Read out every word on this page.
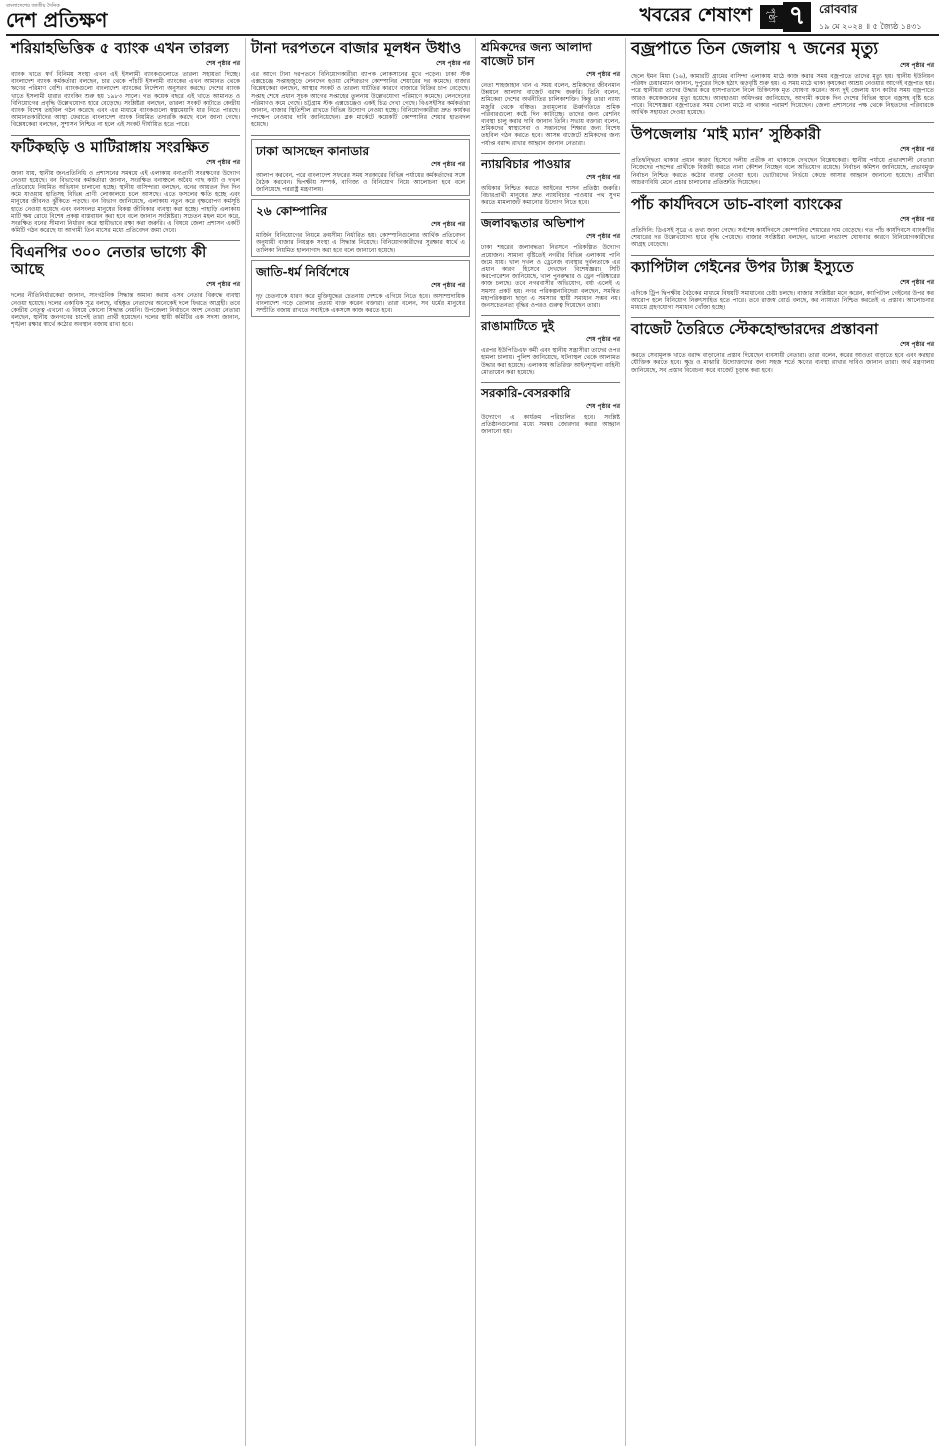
বাংলাদেশের জাতীয় দৈনিক
দেশ প্রতিক্ষণ	খবরের শেষাংশ	পৃষ্ঠা ৭	রোববার
১৯ মে ২০২৪ ॥ ৫ জ্যৈষ্ঠ ১৪৩১
শরিয়াহভিত্তিক ৫ ব্যাংক এখন তারল্য
শেষ পৃষ্ঠার পর

ব্যাংক খাতে স্বর্ণ বিনিময় সংস্থা এখন এই ইসলামী ব্যাংকগুলোতে তারল্য সহায়তা দিচ্ছে। বাংলাদেশ ব্যাংক কর্মকর্তারা বলছেন, চার থেকে পাঁচটি ইসলামী ব্যাংকের এখন আমানত থেকে ঋণের পরিমাণ বেশি। ব্যাংকগুলো বাংলাদেশ ব্যাংকের নির্দেশনা অনুসরণ করছে। দেশের ব্যাংক খাতে ইসলামী ধারার ব্যাংকিং শুরু হয় ১৯৮৩ সালে। গত কয়েক বছরে এই খাতে আমানত ও বিনিয়োগের প্রবৃদ্ধি উল্লেখযোগ্য হারে বেড়েছে। সংশ্লিষ্টরা বলছেন, তারল্য সংকট কাটাতে কেন্দ্রীয় ব্যাংক বিশেষ তহবিল গঠন করেছে এবং এর মাধ্যমে ব্যাংকগুলো স্বল্পমেয়াদি ধার নিতে পারছে। আমানতকারীদের আস্থা ফেরাতে বাংলাদেশ ব্যাংক নিয়মিত তদারকি করছে বলে জানা গেছে। বিশ্লেষকেরা বলছেন, সুশাসন নিশ্চিত না হলে এই সংকট দীর্ঘায়িত হতে পারে।

ফটিকছড়ি ও মাটিরাঙ্গায় সংরক্ষিত
শেষ পৃষ্ঠার পর

জানা যায়, স্থানীয় জনপ্রতিনিধি ও প্রশাসনের সমন্বয়ে এই এলাকায় বন্যপ্রাণী সংরক্ষণের উদ্যোগ নেওয়া হয়েছে। বন বিভাগের কর্মকর্তারা জানান, সংরক্ষিত বনাঞ্চলে অবৈধ গাছ কাটা ও দখল প্রতিরোধে নিয়মিত অভিযান চালানো হচ্ছে। স্থানীয় বাসিন্দারা বলছেন, বনের আয়তন দিন দিন কমে যাওয়ায় হাতিসহ বিভিন্ন প্রাণী লোকালয়ে চলে আসছে। এতে ফসলের ক্ষতি হচ্ছে এবং মানুষের জীবনও ঝুঁকিতে পড়ছে। বন বিভাগ জানিয়েছে, এলাকায় নতুন করে বৃক্ষরোপণ কর্মসূচি হাতে নেওয়া হয়েছে এবং বনসংলগ্ন মানুষের বিকল্প জীবিকার ব্যবস্থা করা হচ্ছে। পাহাড়ি এলাকায় মাটি ক্ষয় রোধে বিশেষ প্রকল্প বাস্তবায়ন করা হবে বলে জানান সংশ্লিষ্টরা। সচেতন মহল মনে করে, সংরক্ষিত বনের সীমানা নির্ধারণ করে স্থায়ীভাবে রক্ষা করা জরুরি। এ বিষয়ে জেলা প্রশাসন একটি কমিটি গঠন করেছে যা আগামী তিন মাসের মধ্যে প্রতিবেদন জমা দেবে।

বিএনপির ৩০০ নেতার ভাগ্যে কী আছে
শেষ পৃষ্ঠার পর

দলের নীতিনির্ধারকেরা জানান, সাংগঠনিক সিদ্ধান্ত অমান্য করায় এসব নেতার বিরুদ্ধে ব্যবস্থা নেওয়া হয়েছে। দলের একাধিক সূত্র বলছে, বহিষ্কৃত নেতাদের অনেকেই দলে ফিরতে আগ্রহী। তবে কেন্দ্রীয় নেতৃত্ব এখনো এ বিষয়ে কোনো সিদ্ধান্ত নেয়নি। উপজেলা নির্বাচনে অংশ নেওয়া নেতারা বলছেন, স্থানীয় জনগণের চাপেই তারা প্রার্থী হয়েছেন। দলের স্থায়ী কমিটির এক সদস্য জানান, শৃঙ্খলা রক্ষার স্বার্থে কঠোর অবস্থান বজায় রাখা হবে।

টানা দরপতনে বাজার মূলধন উধাও
শেষ পৃষ্ঠার পর

এর আগে টানা দরপতনে বিনিয়োগকারীরা ব্যাপক লোকসানের মুখে পড়েন। ঢাকা স্টক এক্সচেঞ্জে সপ্তাহজুড়ে লেনদেন হওয়া বেশিরভাগ কোম্পানির শেয়ারের দর কমেছে। বাজার বিশ্লেষকেরা বলছেন, আস্থার সংকট ও তারল্য ঘাটতির কারণে বাজারে বিক্রির চাপ বেড়েছে। সপ্তাহ শেষে প্রধান সূচক আগের সপ্তাহের তুলনায় উল্লেখযোগ্য পরিমাণে কমেছে। লেনদেনের পরিমাণও কমে গেছে। চট্টগ্রাম স্টক এক্সচেঞ্জেও একই চিত্র দেখা গেছে। বিএসইসির কর্মকর্তারা জানান, বাজার স্থিতিশীল রাখতে বিভিন্ন উদ্যোগ নেওয়া হচ্ছে। বিনিয়োগকারীরা দ্রুত কার্যকর পদক্ষেপ নেওয়ার দাবি জানিয়েছেন। ব্লক মার্কেটে কয়েকটি কোম্পানির শেয়ার হাতবদল হয়েছে।

ঢাকা আসছেন কানাডার
শেষ পৃষ্ঠার পর

আলাপ করবেন, পরে বাংলাদেশ সফরের সময় সরকারের বিভিন্ন পর্যায়ের কর্মকর্তাদের সঙ্গে বৈঠক করবেন। দ্বিপক্ষীয় সম্পর্ক, বাণিজ্য ও বিনিয়োগ নিয়ে আলোচনা হবে বলে জানিয়েছে পররাষ্ট্র মন্ত্রণালয়।

২৬ কোম্পানির
শেষ পৃষ্ঠার পর

মার্জিন বিনিয়োগের নিয়মে ক্রয়সীমা নির্ধারিত হয়। কোম্পানিগুলোর আর্থিক প্রতিবেদন অনুযায়ী বাজার নিয়ন্ত্রক সংস্থা এ সিদ্ধান্ত নিয়েছে। বিনিয়োগকারীদের সুরক্ষার স্বার্থে এ তালিকা নিয়মিত হালনাগাদ করা হবে বলে জানানো হয়েছে।

জাতি-ধর্ম নির্বিশেষে
শেষ পৃষ্ঠার পর

দৃঢ় চেতনাকে ধারণ করে মুক্তিযুদ্ধের চেতনায় দেশকে এগিয়ে নিতে হবে। অসাম্প্রদায়িক বাংলাদেশ গড়ে তোলার প্রত্যয় ব্যক্ত করেন বক্তারা। তারা বলেন, সব ধর্মের মানুষের সম্প্রীতি বজায় রাখতে সবাইকে একসঙ্গে কাজ করতে হবে।

শ্রমিকদের জন্য আলাদা বাজেট চান
শেষ পৃষ্ঠার পর

নেতা শাহজাহান খান এ সময় বলেন, শ্রমিকদের জীবনমান উন্নয়নে আলাদা বাজেট বরাদ্দ জরুরি। তিনি বলেন, শ্রমিকেরা দেশের অর্থনীতির চালিকাশক্তি। কিন্তু তারা ন্যায্য মজুরি থেকে বঞ্চিত। দ্রব্যমূল্যের ঊর্ধ্বগতিতে শ্রমিক পরিবারগুলো কষ্টে দিন কাটাচ্ছে। তাদের জন্য রেশনিং ব্যবস্থা চালু করার দাবি জানান তিনি। সভায় বক্তারা বলেন, শ্রমিকদের স্বাস্থ্যসেবা ও সন্তানদের শিক্ষার জন্য বিশেষ তহবিল গঠন করতে হবে। আসন্ন বাজেটে শ্রমিকদের জন্য পর্যাপ্ত বরাদ্দ রাখার আহ্বান জানান নেতারা।

ন্যায়বিচার পাওয়ার
শেষ পৃষ্ঠার পর

অধিকার নিশ্চিত করতে আইনের শাসন প্রতিষ্ঠা জরুরি। বিচারপ্রার্থী মানুষের দ্রুত ন্যায়বিচার পাওয়ার পথ সুগম করতে মামলাজট কমানোর উদ্যোগ নিতে হবে।

জলাবদ্ধতার অভিশাপ
শেষ পৃষ্ঠার পর

ঢাকা শহরের জলাবদ্ধতা নিরসনে পরিকল্পিত উদ্যোগ প্রয়োজন। সামান্য বৃষ্টিতেই নগরীর বিভিন্ন এলাকায় পানি জমে যায়। খাল দখল ও ড্রেনেজ ব্যবস্থার দুর্বলতাকে এর প্রধান কারণ হিসেবে দেখছেন বিশেষজ্ঞরা। সিটি করপোরেশন জানিয়েছে, খাল পুনরুদ্ধার ও ড্রেন পরিষ্কারের কাজ চলছে। তবে নগরবাসীর অভিযোগ, বর্ষা এলেই এ সমস্যা প্রকট হয়। নগর পরিকল্পনাবিদেরা বলছেন, সমন্বিত মহাপরিকল্পনা ছাড়া এ সমস্যার স্থায়ী সমাধান সম্ভব নয়। জনসচেতনতা বৃদ্ধির ওপরও গুরুত্ব দিয়েছেন তারা।

রাঙামাটিতে দুই
শেষ পৃষ্ঠার পর

এরপর ইউপিডিএফ কর্মী এবং স্থানীয় সন্ত্রাসীরা তাদের ওপর হামলা চালায়। পুলিশ জানিয়েছে, ঘটনাস্থল থেকে আলামত উদ্ধার করা হয়েছে। এলাকায় অতিরিক্ত আইনশৃঙ্খলা বাহিনী মোতায়েন করা হয়েছে।

সরকারি-বেসরকারি
শেষ পৃষ্ঠার পর

উদ্যোগে এ কার্যক্রম পরিচালিত হবে। সংশ্লিষ্ট প্রতিষ্ঠানগুলোর মধ্যে সমন্বয় জোরদার করার আহ্বান জানানো হয়।

বজ্রপাতে তিন জেলায় ৭ জনের মৃত্যু
শেষ পৃষ্ঠার পর

ছেলে ইমন মিয়া (১৬), কামারটি গ্রামের বাসিন্দা এলাকায় মাঠে কাজ করার সময় বজ্রপাতে তাদের মৃত্যু হয়। স্থানীয় ইউনিয়ন পরিষদ চেয়ারম্যান জানান, দুপুরের দিকে হঠাৎ ঝড়বৃষ্টি শুরু হয়। এ সময় মাঠে থাকা কৃষকেরা আশ্রয় নেওয়ার আগেই বজ্রপাত হয়। পরে স্থানীয়রা তাদের উদ্ধার করে হাসপাতালে নিলে চিকিৎসক মৃত ঘোষণা করেন। অন্য দুই জেলায় ধান কাটার সময় বজ্রপাতে আরও কয়েকজনের মৃত্যু হয়েছে। আবহাওয়া অধিদপ্তর জানিয়েছে, আগামী কয়েক দিন দেশের বিভিন্ন স্থানে বজ্রসহ বৃষ্টি হতে পারে। বিশেষজ্ঞরা বজ্রপাতের সময় খোলা মাঠে না থাকার পরামর্শ দিয়েছেন। জেলা প্রশাসনের পক্ষ থেকে নিহতদের পরিবারকে আর্থিক সহায়তা দেওয়া হয়েছে।

উপজেলায় ‘মাই ম্যান’ সুষ্ঠিকারী
শেষ পৃষ্ঠার পর

প্রতিদ্বন্দ্বিতা থাকার প্রধান কারণ হিসেবে দলীয় প্রতীক না থাকাকে দেখছেন বিশ্লেষকেরা। স্থানীয় পর্যায়ে প্রভাবশালী নেতারা নিজেদের পছন্দের প্রার্থীকে বিজয়ী করতে নানা কৌশল নিচ্ছেন বলে অভিযোগ রয়েছে। নির্বাচন কমিশন জানিয়েছে, প্রভাবমুক্ত নির্বাচন নিশ্চিত করতে কঠোর ব্যবস্থা নেওয়া হবে। ভোটারদের নির্ভয়ে কেন্দ্রে আসার আহ্বান জানানো হয়েছে। প্রার্থীরা আচরণবিধি মেনে প্রচার চালানোর প্রতিশ্রুতি দিয়েছেন।

পাঁচ কার্যদিবসে ডাচ-বাংলা ব্যাংকের
শেষ পৃষ্ঠার পর

প্রতিদিনি: ডিএসই সূত্রে এ তথ্য জানা গেছে। সর্বশেষ কার্যদিবসে কোম্পানির শেয়ারের দাম বেড়েছে। গত পাঁচ কার্যদিবসে ব্যাংকটির শেয়ারের দর উল্লেখযোগ্য হারে বৃদ্ধি পেয়েছে। বাজার সংশ্লিষ্টরা বলছেন, ভালো লভ্যাংশ ঘোষণার কারণে বিনিয়োগকারীদের আগ্রহ বেড়েছে।

ক্যাপিটাল গেইনের উপর ট্যাক্স ইস্যুতে
শেষ পৃষ্ঠার পর

এদিকে ট্রিপ দ্বিপক্ষীয় বৈঠকের মাধ্যমে বিষয়টি সমাধানের চেষ্টা চলছে। বাজার সংশ্লিষ্টরা মনে করেন, ক্যাপিটাল গেইনের উপর কর আরোপ হলে বিনিয়োগ নিরুৎসাহিত হতে পারে। তবে রাজস্ব বোর্ড বলছে, কর ন্যায্যতা নিশ্চিত করতেই এ প্রস্তাব। আলোচনার মাধ্যমে গ্রহণযোগ্য সমাধান খোঁজা হচ্ছে।

বাজেট তৈরিতে স্টেকহোল্ডারদের প্রস্তাবনা
শেষ পৃষ্ঠার পর

করতে সেবামূলক খাতে বরাদ্দ বাড়ানোর প্রস্তাব দিয়েছেন ব্যবসায়ী নেতারা। তারা বলেন, করের আওতা বাড়াতে হবে এবং করহার যৌক্তিক করতে হবে। ক্ষুদ্র ও মাঝারি উদ্যোক্তাদের জন্য সহজ শর্তে ঋণের ব্যবস্থা রাখার দাবিও জানান তারা। অর্থ মন্ত্রণালয় জানিয়েছে, সব প্রস্তাব বিবেচনা করে বাজেট চূড়ান্ত করা হবে।
